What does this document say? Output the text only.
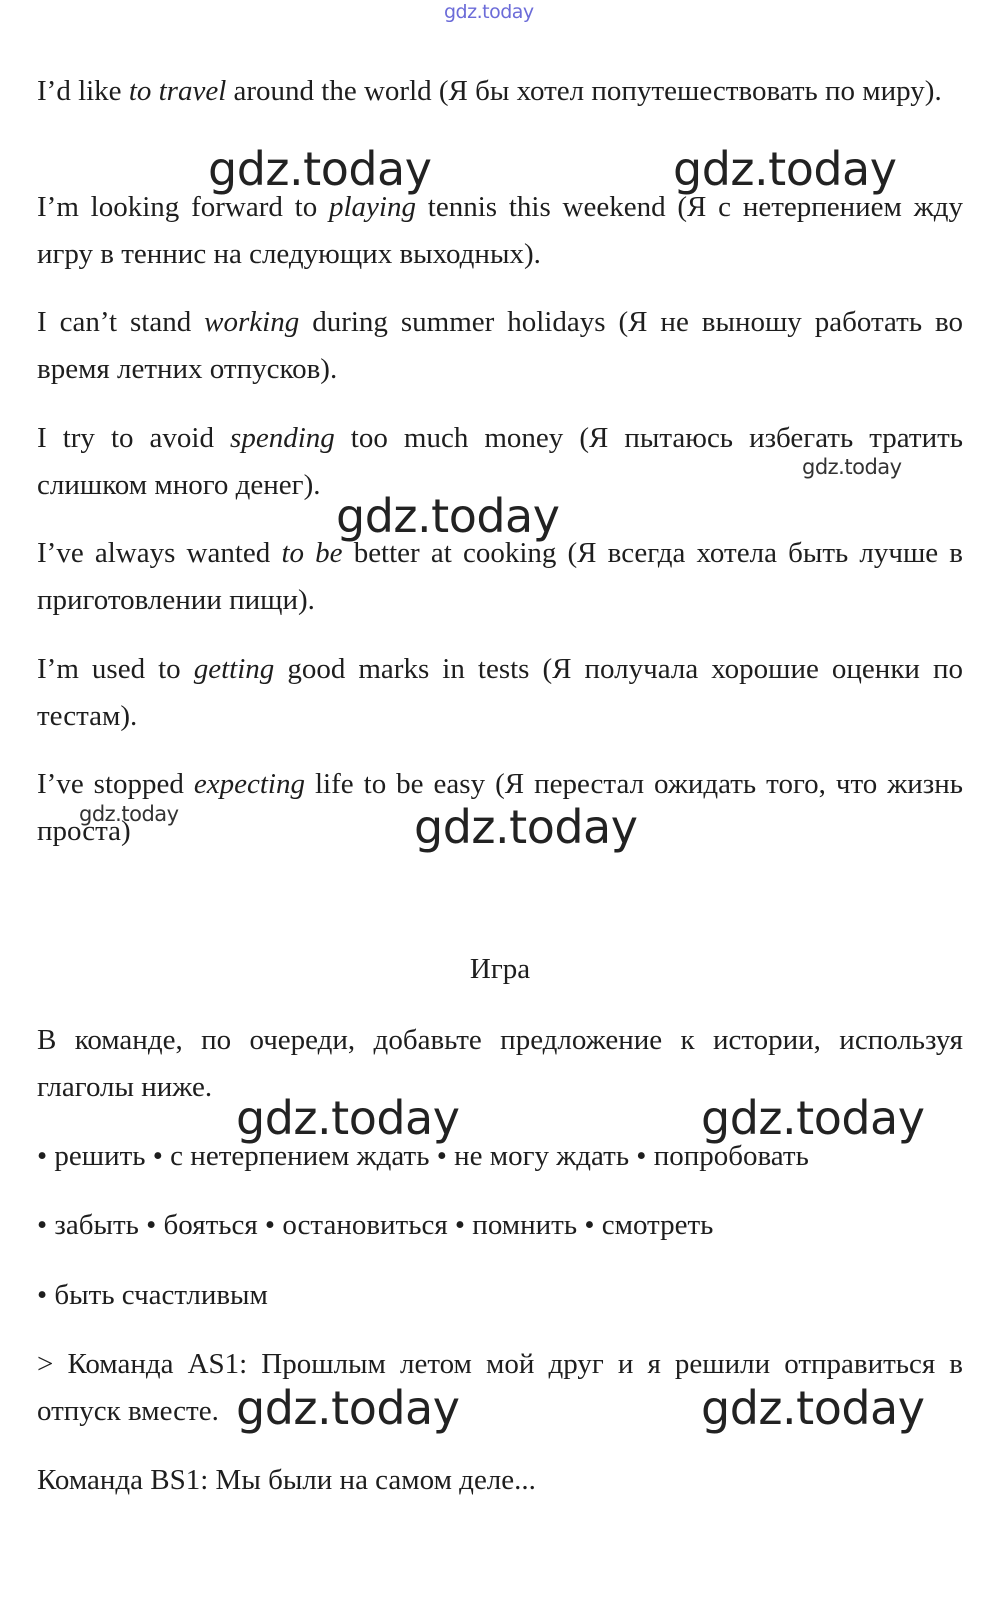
gdz.today

I’d like to travel around the world (Я бы хотел попутешествовать по миру).

I’m looking forward to playing tennis this weekend (Я с нетерпением жду игру в теннис на следующих выходных).

I can’t stand working during summer holidays (Я не выношу работать во время летних отпусков).

I try to avoid spending too much money (Я пытаюсь избегать тратить слишком много денег).

I’ve always wanted to be better at cooking (Я всегда хотела быть лучше в приготовлении пищи).

I’m used to getting good marks in tests (Я получала хорошие оценки по тестам).

I’ve stopped expecting life to be easy (Я перестал ожидать того, что жизнь проста)

Игра

В команде, по очереди, добавьте предложение к истории, используя глаголы ниже.

• решить • с нетерпением ждать • не могу ждать • попробовать

• забыть • бояться • остановиться • помнить • смотреть

• быть счастливым

> Команда AS1: Прошлым летом мой друг и я решили отправиться в отпуск вместе.

Команда BS1: Мы были на самом деле...

gdz.today	gdz.today
gdz.today
gdz.today
gdz.today	gdz.today
gdz.today	gdz.today
gdz.today	gdz.today
